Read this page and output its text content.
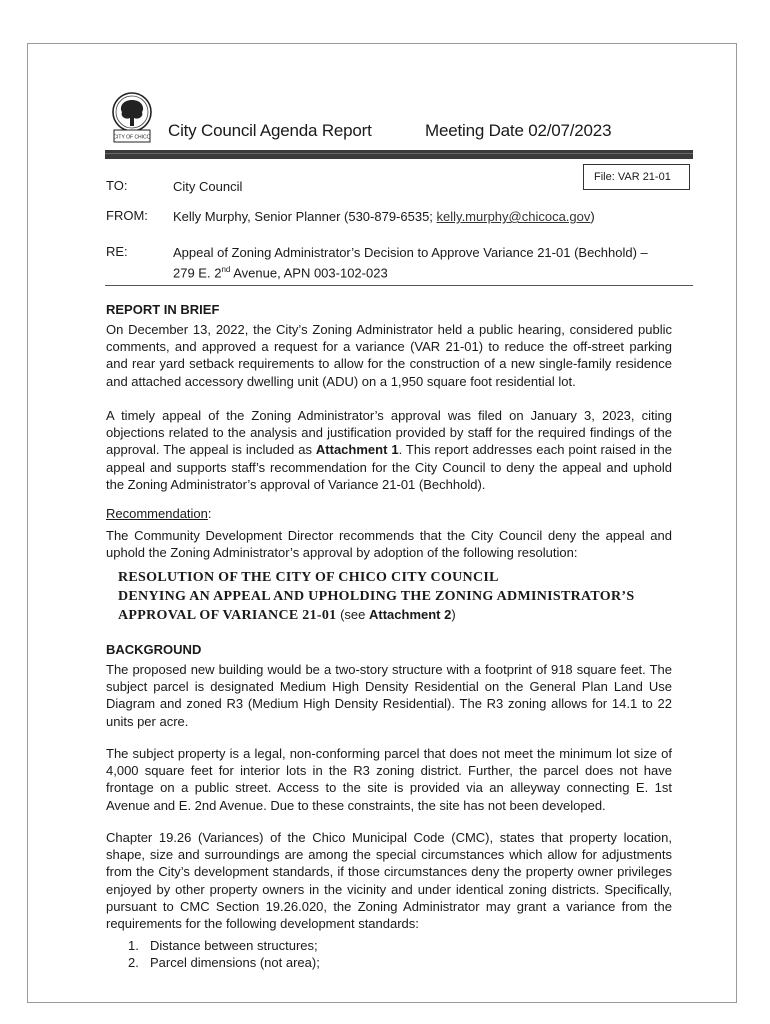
CITY OF CHICO City Council Agenda Report	Meeting Date 02/07/2023
File: VAR 21-01
TO:	City Council
FROM: Kelly Murphy, Senior Planner (530-879-6535; kelly.murphy@chicoca.gov)
RE:	Appeal of Zoning Administrator’s Decision to Approve Variance 21-01 (Bechhold) –
279 E. 2nd Avenue, APN 003-102-023
REPORT IN BRIEF

On December 13, 2022, the City’s Zoning Administrator held a public hearing, considered public comments, and approved a request for a variance (VAR 21-01) to reduce the off-street parking and rear yard setback requirements to allow for the construction of a new single-family residence and attached accessory dwelling unit (ADU) on a 1,950 square foot residential lot.

A timely appeal of the Zoning Administrator’s approval was filed on January 3, 2023, citing objections related to the analysis and justification provided by staff for the required findings of the approval. The appeal is included as Attachment 1. This report addresses each point raised in the appeal and supports staff’s recommendation for the City Council to deny the appeal and uphold the Zoning Administrator’s approval of Variance 21-01 (Bechhold).

Recommendation:

The Community Development Director recommends that the City Council deny the appeal and uphold the Zoning Administrator’s approval by adoption of the following resolution:

RESOLUTION OF THE CITY OF CHICO CITY COUNCIL
DENYING AN APPEAL AND UPHOLDING THE ZONING ADMINISTRATOR’S
APPROVAL OF VARIANCE 21-01 (see Attachment 2)
BACKGROUND

The proposed new building would be a two-story structure with a footprint of 918 square feet. The subject parcel is designated Medium High Density Residential on the General Plan Land Use Diagram and zoned R3 (Medium High Density Residential). The R3 zoning allows for 14.1 to 22 units per acre.

The subject property is a legal, non-conforming parcel that does not meet the minimum lot size of 4,000 square feet for interior lots in the R3 zoning district. Further, the parcel does not have frontage on a public street. Access to the site is provided via an alleyway connecting E. 1st Avenue and E. 2nd Avenue. Due to these constraints, the site has not been developed.

Chapter 19.26 (Variances) of the Chico Municipal Code (CMC), states that property location, shape, size and surroundings are among the special circumstances which allow for adjustments from the City’s development standards, if those circumstances deny the property owner privileges enjoyed by other property owners in the vicinity and under identical zoning districts. Specifically, pursuant to CMC Section 19.26.020, the Zoning Administrator may grant a variance from the requirements for the following development standards:

1. Distance between structures;
2. Parcel dimensions (not area);
